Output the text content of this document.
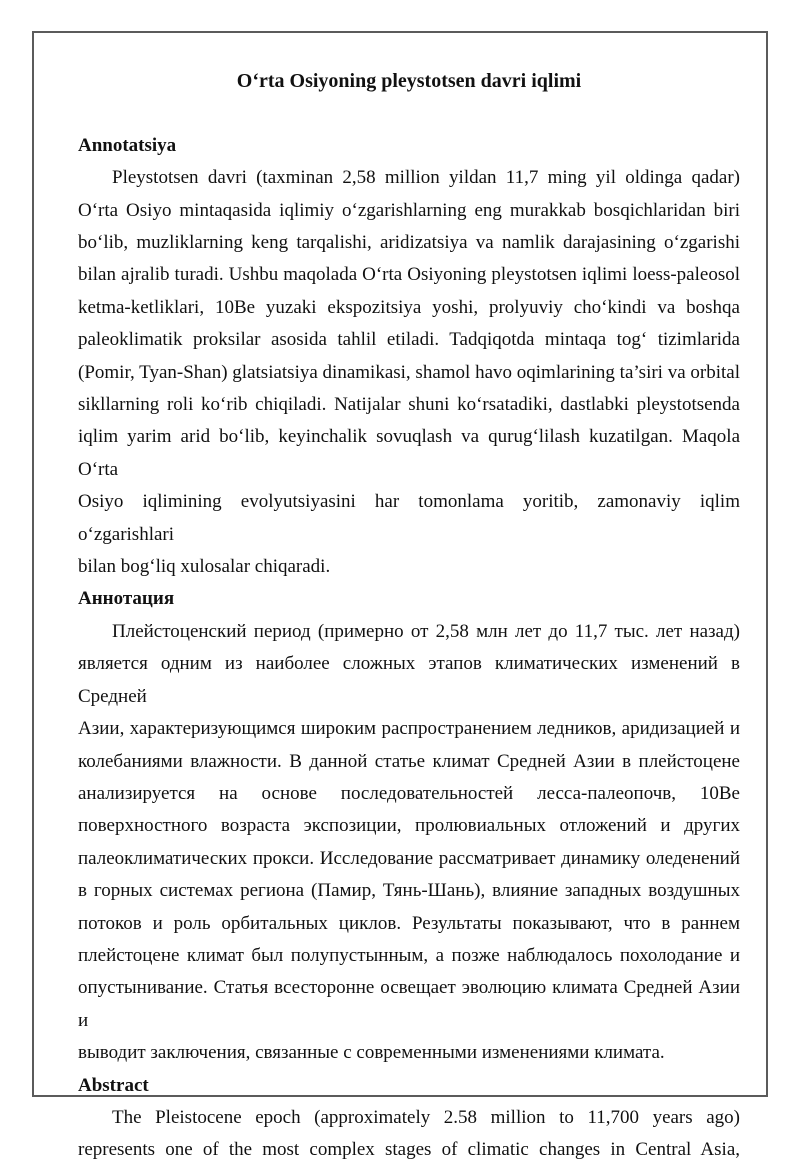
O‘rta Osiyoning pleystotsen davri iqlimi
Annotatsiya
Pleystotsen davri (taxminan 2,58 million yildan 11,7 ming yil oldinga qadar)
O‘rta Osiyo mintaqasida iqlimiy o‘zgarishlarning eng murakkab bosqichlaridan biri
bo‘lib, muzliklarning keng tarqalishi, aridizatsiya va namlik darajasining o‘zgarishi
bilan ajralib turadi. Ushbu maqolada O‘rta Osiyoning pleystotsen iqlimi loess-paleosol
ketma-ketliklari, 10Be yuzaki ekspozitsiya yoshi, prolyuviy cho‘kindi va boshqa
paleoklimatik proksilar asosida tahlil etiladi. Tadqiqotda mintaqa tog‘ tizimlarida
(Pomir, Tyan-Shan) glatsiatsiya dinamikasi, shamol havo oqimlarining ta’siri va orbital
sikllarning roli ko‘rib chiqiladi. Natijalar shuni ko‘rsatadiki, dastlabki pleystotsenda
iqlim yarim arid bo‘lib, keyinchalik sovuqlash va qurug‘lilash kuzatilgan. Maqola O‘rta
Osiyo iqlimining evolyutsiyasini har tomonlama yoritib, zamonaviy iqlim o‘zgarishlari
bilan bog‘liq xulosalar chiqaradi.
Аннотация
Плейстоценский период (примерно от 2,58 млн лет до 11,7 тыс. лет назад)
является одним из наиболее сложных этапов климатических изменений в Средней
Азии, характеризующимся широким распространением ледников, аридизацией и
колебаниями влажности. В данной статье климат Средней Азии в плейстоцене
анализируется на основе последовательностей лесса-палеопочв, 10Be
поверхностного возраста экспозиции, пролювиальных отложений и других
палеоклиматических прокси. Исследование рассматривает динамику оледенений
в горных системах региона (Памир, Тянь-Шань), влияние западных воздушных
потоков и роль орбитальных циклов. Результаты показывают, что в раннем
плейстоцене климат был полупустынным, а позже наблюдалось похолодание и
опустынивание. Статья всесторонне освещает эволюцию климата Средней Азии и
выводит заключения, связанные с современными изменениями климата.
Abstract
The Pleistocene epoch (approximately 2.58 million to 11,700 years ago)
represents one of the most complex stages of climatic changes in Central Asia,
